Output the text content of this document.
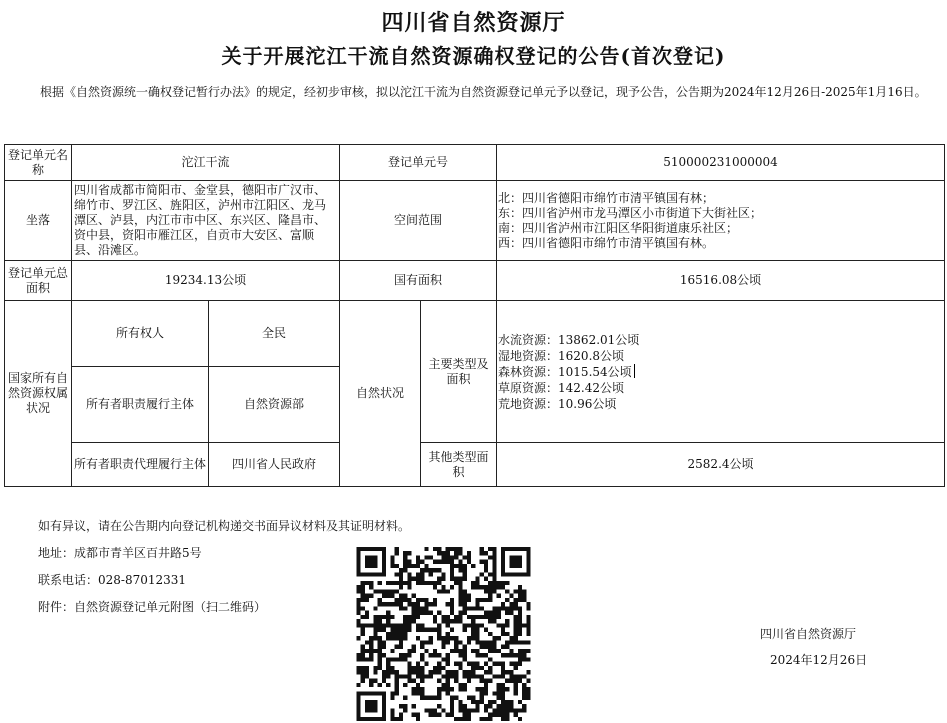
四川省自然资源厅
关于开展沱江干流自然资源确权登记的公告(首次登记)
根据《自然资源统一确权登记暂行办法》的规定，经初步审核，拟以沱江干流为自然资源登记单元予以登记，现予公告，公告期为2024年12月26日-2025年1月16日。
登记单元名称	沱江干流		登记单元号		510000231000004
坐落	四川省成都市简阳市、金堂县，德阳市广汉市、绵竹市、罗江区、旌阳区，泸州市江阳区、龙马潭区、泸县，内江市市中区、东兴区、隆昌市、资中县，资阳市雁江区，自贡市大安区、富顺县、沿滩区。		空间范围		北：四川省德阳市绵竹市清平镇国有林；
东：四川省泸州市龙马潭区小市街道下大街社区；
南：四川省泸州市江阳区华阳街道康乐社区；
西：四川省德阳市绵竹市清平镇国有林。

登记单元总面积	19234.13公顷		国有面积		16516.08公顷
国家所有自然资源权属状况	所有权人	全民	自然状况	主要类型及面积	水流资源：13862.01公顷
湿地资源：1620.8公顷
森林资源：1015.54公顷
草原资源：142.42公顷
荒地资源：10.96公顷

	所有者职责履行主体	自然资源部			
	所有者职责代理履行主体	四川省人民政府		其他类型面积	2582.4公顷
如有异议，请在公告期内向登记机构递交书面异议材料及其证明材料。
地址：成都市青羊区百井路5号
联系电话：028-87012331
附件：自然资源登记单元附图（扫二维码）
四川省自然资源厅
2024年12月26日
